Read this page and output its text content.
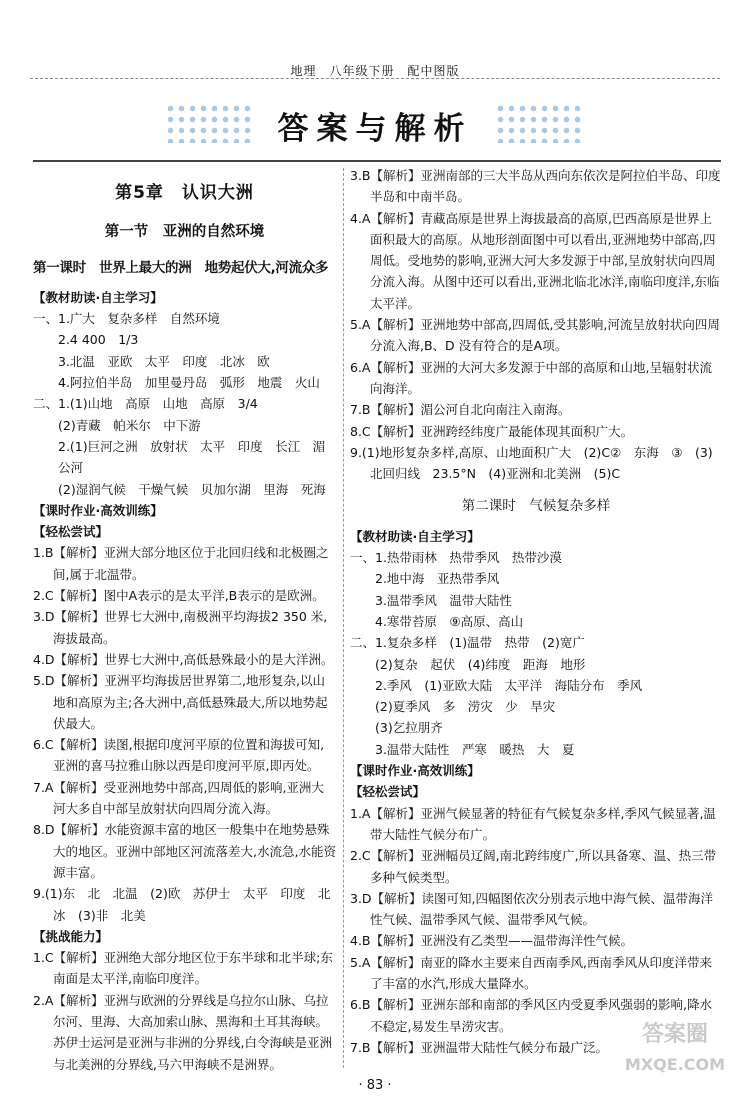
地理　八年级下册　配中图版
答案与解析

第5章　认识大洲

第一节　亚洲的自然环境

第一课时　世界上最大的洲　地势起伏大,河流众多

【教材助读·自主学习】

一、1.广大　复杂多样　自然环境

2.4 400　1/3

3.北温　亚欧　太平　印度　北冰　欧

4.阿拉伯半岛　加里曼丹岛　弧形　地震　火山

二、1.(1)山地　高原　山地　高原　3/4

(2)青藏　帕米尔　中下游

2.(1)巨河之洲　放射状　太平　印度　长江　湄公河

(2)湿润气候　干燥气候　贝加尔湖　里海　死海

【课时作业·高效训练】

【轻松尝试】

1.B【解析】亚洲大部分地区位于北回归线和北极圈之间,属于北温带。

2.C【解析】图中A表示的是太平洋,B表示的是欧洲。

3.D【解析】世界七大洲中,南极洲平均海拔2 350 米,海拔最高。

4.D【解析】世界七大洲中,高低悬殊最小的是大洋洲。

5.D【解析】亚洲平均海拔居世界第二,地形复杂,以山地和高原为主;各大洲中,高低悬殊最大,所以地势起伏最大。

6.C【解析】读图,根据印度河平原的位置和海拔可知,亚洲的喜马拉雅山脉以西是印度河平原,即丙处。

7.A【解析】受亚洲地势中部高,四周低的影响,亚洲大河大多自中部呈放射状向四周分流入海。

8.D【解析】水能资源丰富的地区一般集中在地势悬殊大的地区。亚洲中部地区河流落差大,水流急,水能资源丰富。

9.(1)东　北　北温　(2)欧　苏伊士　太平　印度　北冰　(3)非　北美

【挑战能力】

1.C【解析】亚洲绝大部分地区位于东半球和北半球;东南面是太平洋,南临印度洋。

2.A【解析】亚洲与欧洲的分界线是乌拉尔山脉、乌拉尔河、里海、大高加索山脉、黑海和土耳其海峡。苏伊士运河是亚洲与非洲的分界线,白令海峡是亚洲与北美洲的分界线,马六甲海峡不是洲界。

3.B【解析】亚洲南部的三大半岛从西向东依次是阿拉伯半岛、印度半岛和中南半岛。

4.A【解析】青藏高原是世界上海拔最高的高原,巴西高原是世界上面积最大的高原。从地形剖面图中可以看出,亚洲地势中部高,四周低。受地势的影响,亚洲大河大多发源于中部,呈放射状向四周分流入海。从图中还可以看出,亚洲北临北冰洋,南临印度洋,东临太平洋。

5.A【解析】亚洲地势中部高,四周低,受其影响,河流呈放射状向四周分流入海,B、D 没有符合的是A项。

6.A【解析】亚洲的大河大多发源于中部的高原和山地,呈辐射状流向海洋。

7.B【解析】湄公河自北向南注入南海。

8.C【解析】亚洲跨经纬度广最能体现其面积广大。

9.(1)地形复杂多样,高原、山地面积广大　(2)C②　东海　③　(3)北回归线　23.5°N　(4)亚洲和北美洲　(5)C

第二课时　气候复杂多样

【教材助读·自主学习】

一、1.热带雨林　热带季风　热带沙漠

2.地中海　亚热带季风

3.温带季风　温带大陆性

4.寒带苔原　⑨高原、高山

二、1.复杂多样　(1)温带　热带　(2)宽广

(2)复杂　起伏　(4)纬度　距海　地形

2.季风　(1)亚欧大陆　太平洋　海陆分布　季风

(2)夏季风　多　涝灾　少　旱灾

(3)乞拉朋齐

3.温带大陆性　严寒　暖热　大　夏

【课时作业·高效训练】

【轻松尝试】

1.A【解析】亚洲气候显著的特征有气候复杂多样,季风气候显著,温带大陆性气候分布广。

2.C【解析】亚洲幅员辽阔,南北跨纬度广,所以具备寒、温、热三带多种气候类型。

3.D【解析】读图可知,四幅图依次分别表示地中海气候、温带海洋性气候、温带季风气候、温带季风气候。

4.B【解析】亚洲没有乙类型——温带海洋性气候。

5.A【解析】南亚的降水主要来自西南季风,西南季风从印度洋带来了丰富的水汽,形成大量降水。

6.B【解析】亚洲东部和南部的季风区内受夏季风强弱的影响,降水不稳定,易发生旱涝灾害。

7.B【解析】亚洲温带大陆性气候分布最广泛。

· 83 ·
答案圈
MXQE.COM
